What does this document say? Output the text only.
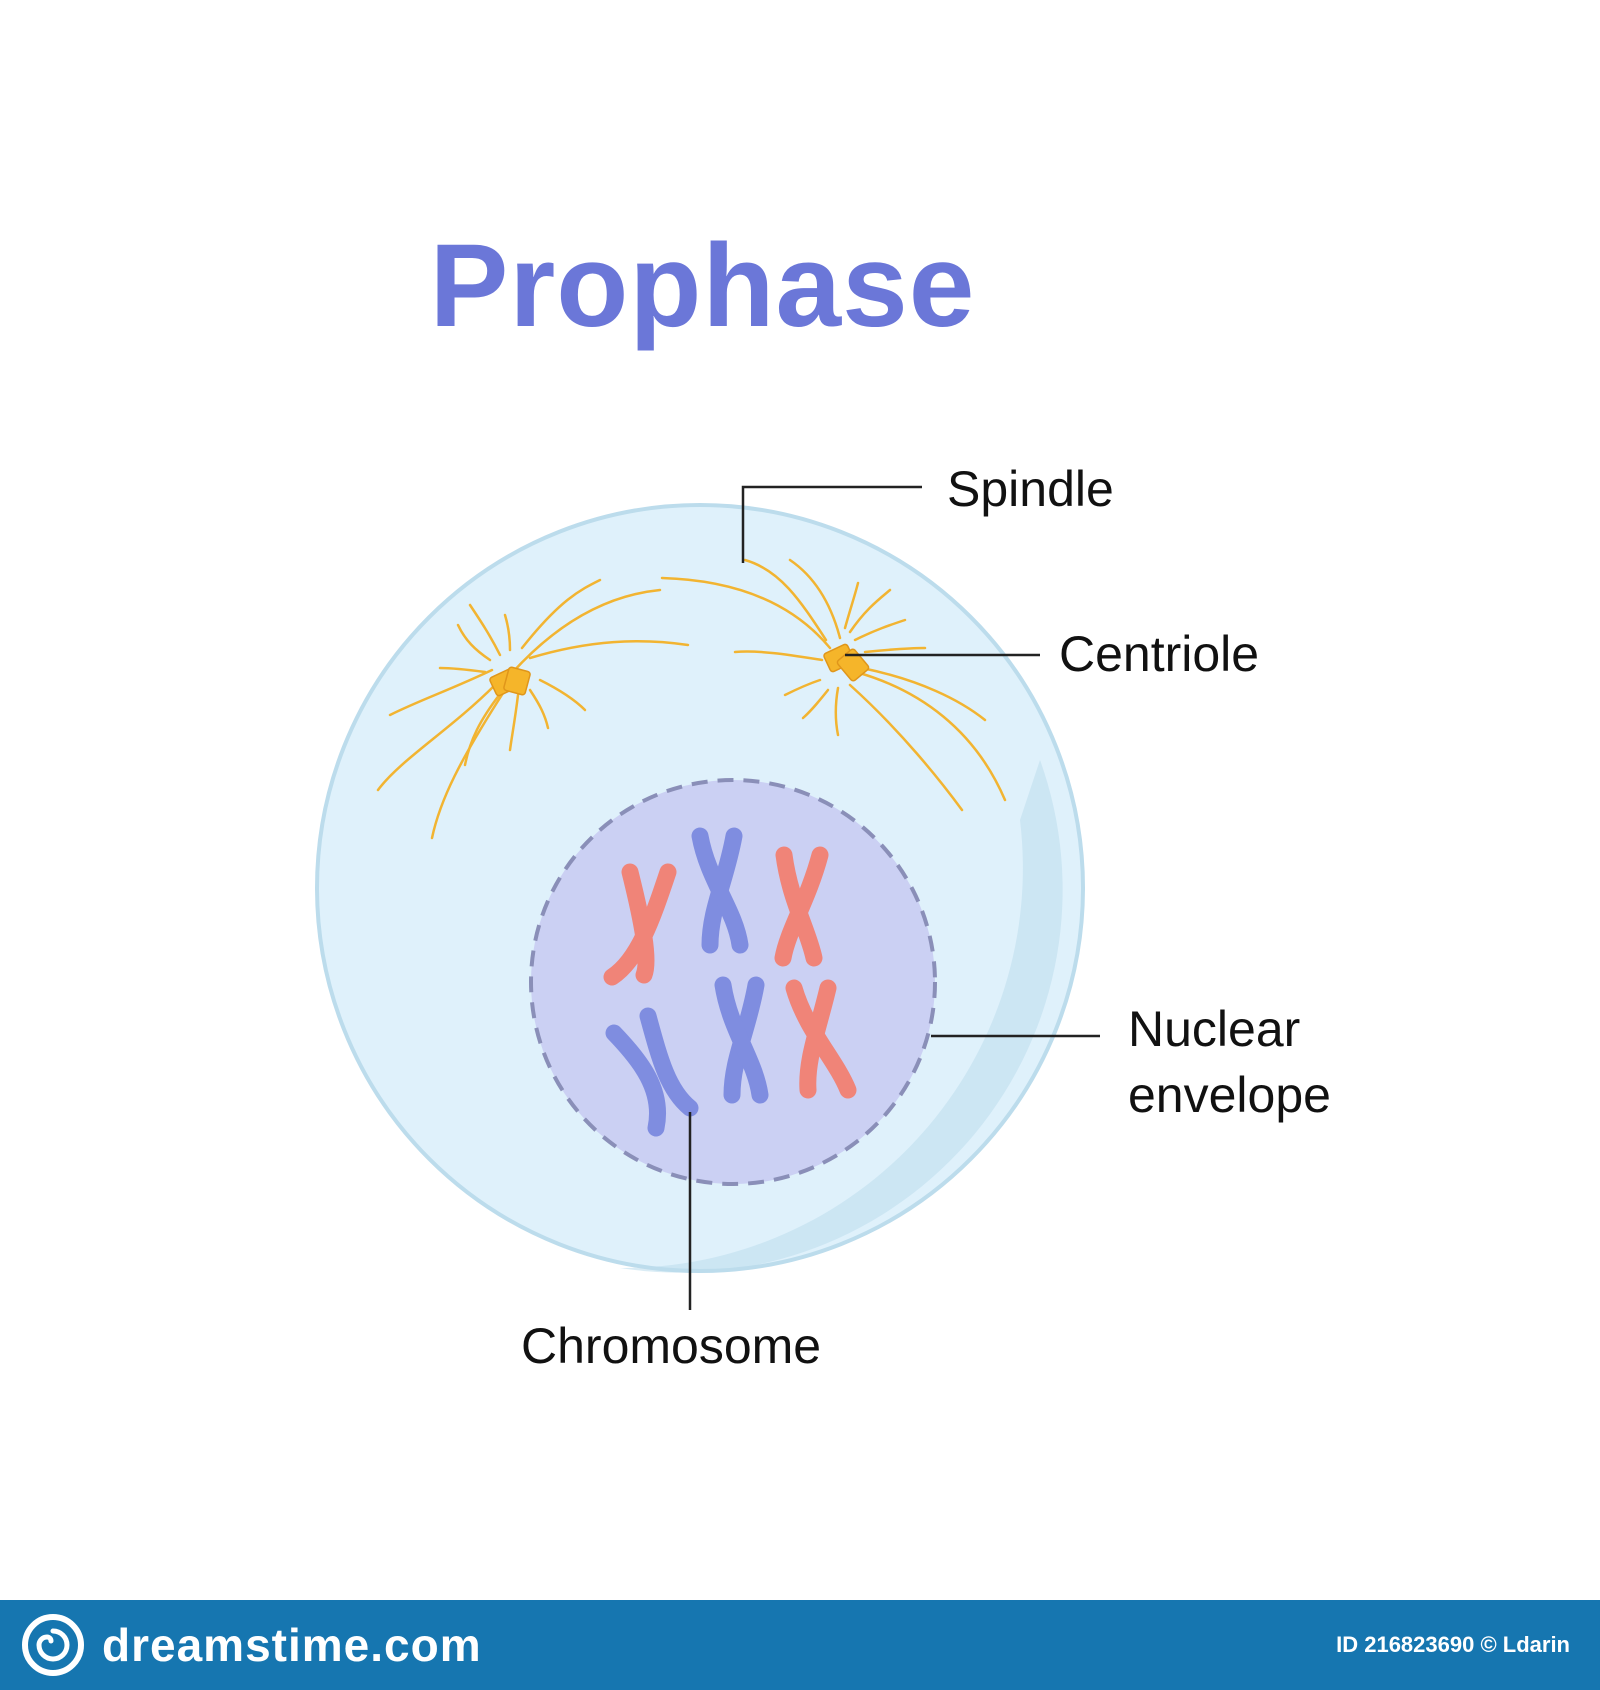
Prophase
Spindle
Centriole
Nuclear
envelope
Chromosome
dreamstime.com	ID 216823690 © Ldarin
